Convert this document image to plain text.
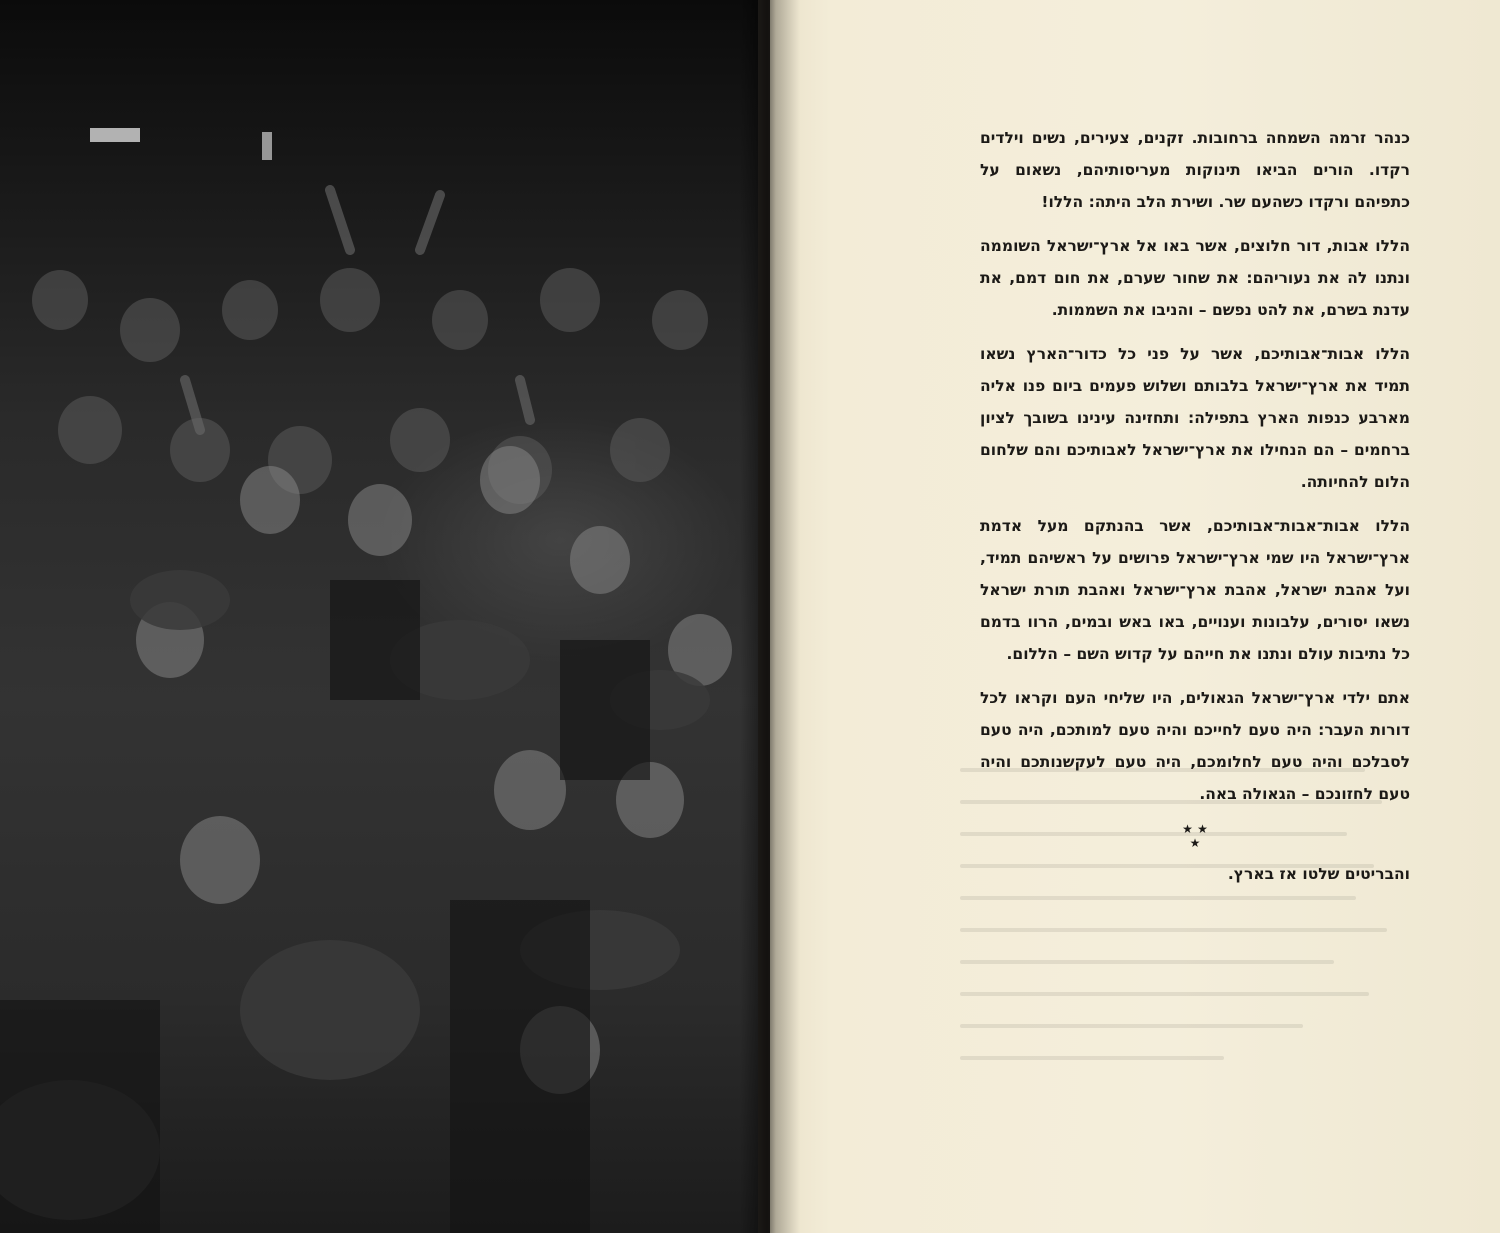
כנהר זרמה השמחה ברחובות. זקנים, צעירים, נשים וילדים רקדו. הורים הביאו תינוקות מעריסותיהם, נשאום על כתפיהם ורקדו כשהעם שר. ושירת הלב היתה: הללו!

הללו אבות, דור חלוצים, אשר באו אל ארץ־ישראל השוממה ונתנו לה את נעוריהם: את שחור שערם, את חום דמם, את עדנת בשרם, את להט נפשם – והניבו את השממות.

הללו אבות־אבותיכם, אשר על פני כל כדור־הארץ נשאו תמיד את ארץ־ישראל בלבותם ושלוש פעמים ביום פנו אליה מארבע כנפות הארץ בתפילה: ותחזינה עינינו בשובך לציון ברחמים – הם הנחילו את ארץ־ישראל לאבותיכם והם שלחום הלום להחיותה.

הללו אבות־אבות־אבותיכם, אשר בהנתקם מעל אדמת ארץ־ישראל היו שמי ארץ־ישראל פרושים על ראשיהם תמיד, ועל אהבת ישראל, אהבת ארץ־ישראל ואהבת תורת ישראל נשאו יסורים, עלבונות וענויים, באו באש ובמים, הרוו בדמם כל נתיבות עולם ונתנו את חייהם על קדוש השם – הללום.

אתם ילדי ארץ־ישראל הגאולים, היו שליחי העם וקראו לכל דורות העבר: היה טעם לחייכם והיה טעם למותכם, היה טעם לסבלכם והיה טעם לחלומכם, היה טעם לעקשנותכם והיה טעם לחזונכם – הגאולה באה.

★ ★
★

והבריטים שלטו אז בארץ.
